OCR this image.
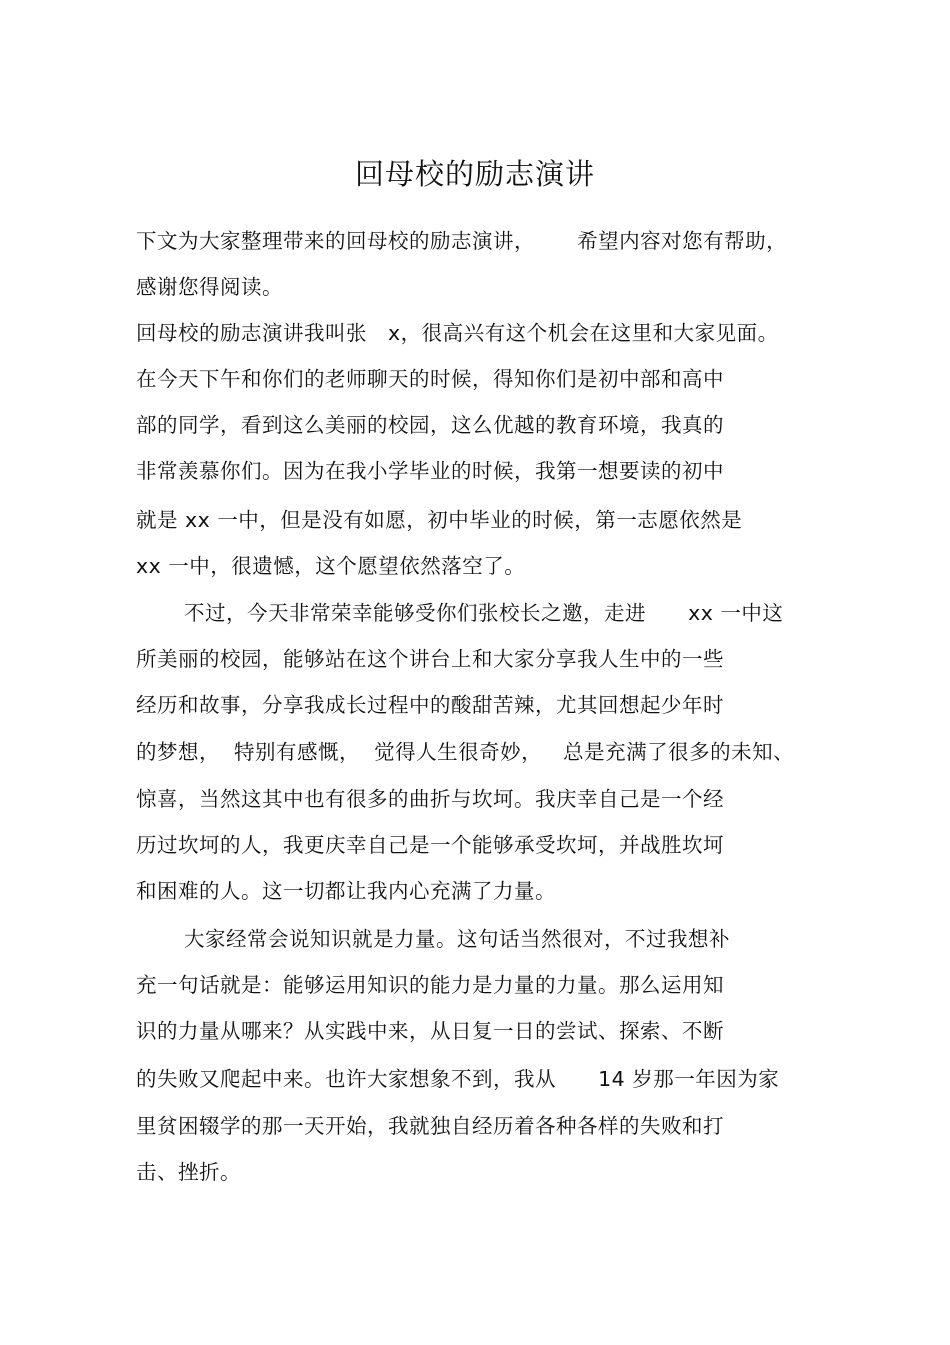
回母校的励志演讲
下文为大家整理带来的回母校的励志演讲，      希望内容对您有帮助，
感谢您得阅读。
回母校的励志演讲我叫张   x，很高兴有这个机会在这里和大家见面。
在今天下午和你们的老师聊天的时候，得知你们是初中部和高中
部的同学，看到这么美丽的校园，这么优越的教育环境，我真的
非常羡慕你们。因为在我小学毕业的时候，我第一想要读的初中
就是 xx 一中，但是没有如愿，初中毕业的时候，第一志愿依然是
xx 一中，很遗憾，这个愿望依然落空了。
不过，今天非常荣幸能够受你们张校长之邀，走进      xx 一中这
所美丽的校园，能够站在这个讲台上和大家分享我人生中的一些
经历和故事，分享我成长过程中的酸甜苦辣，尤其回想起少年时
的梦想，  特别有感慨，  觉得人生很奇妙，   总是充满了很多的未知、
惊喜，当然这其中也有很多的曲折与坎坷。我庆幸自己是一个经
历过坎坷的人，我更庆幸自己是一个能够承受坎坷，并战胜坎坷
和困难的人。这一切都让我内心充满了力量。
大家经常会说知识就是力量。这句话当然很对，不过我想补
充一句话就是：能够运用知识的能力是力量的力量。那么运用知
识的力量从哪来？从实践中来，从日复一日的尝试、探索、不断
的失败又爬起中来。也许大家想象不到，我从      14 岁那一年因为家
里贫困辍学的那一天开始，我就独自经历着各种各样的失败和打
击、挫折。
